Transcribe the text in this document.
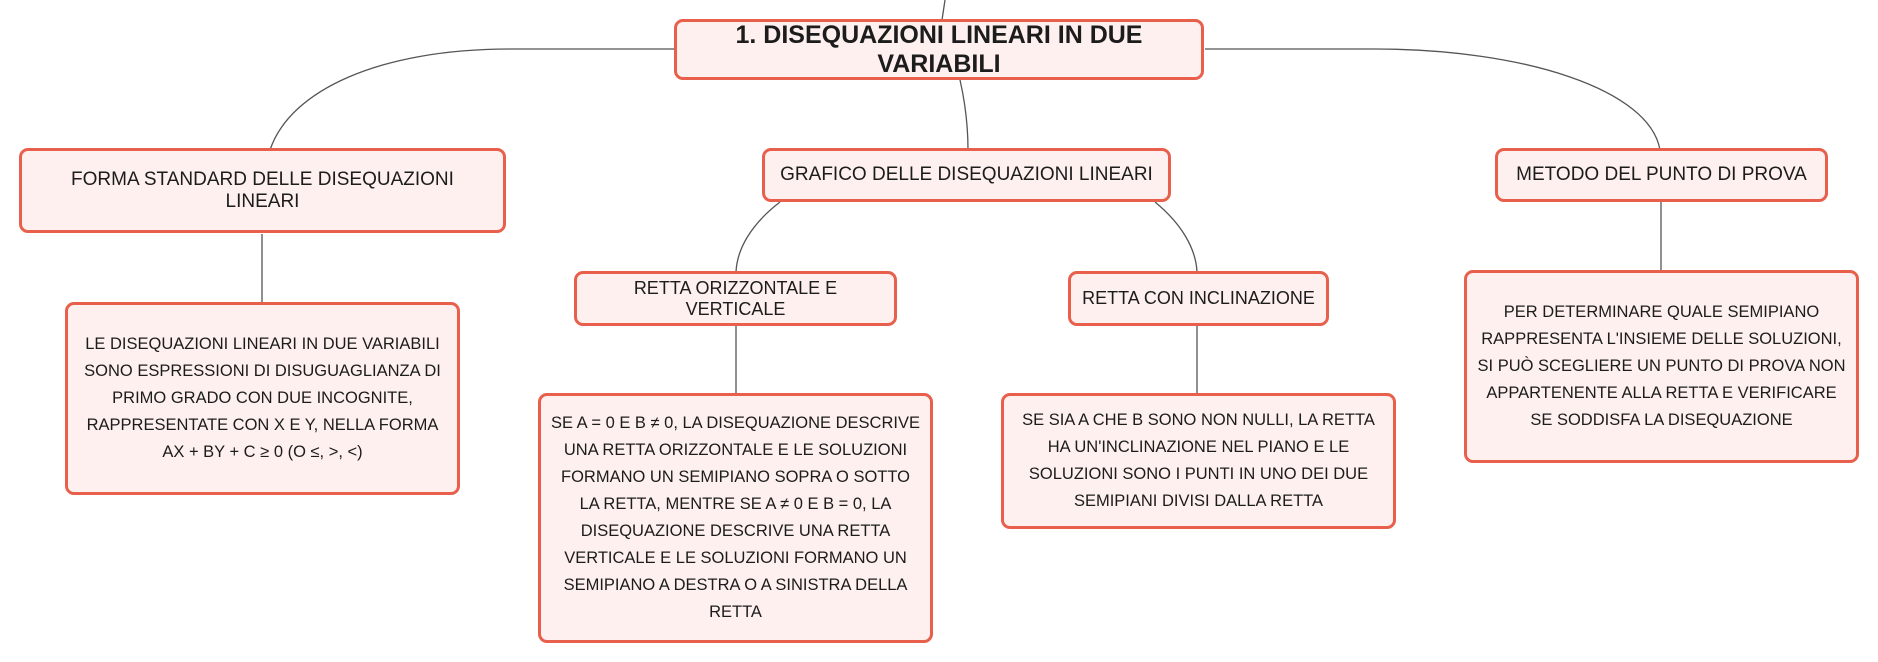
1. DISEQUAZIONI LINEARI IN DUE VARIABILI
FORMA STANDARD DELLE DISEQUAZIONI LINEARI
LE DISEQUAZIONI LINEARI IN DUE VARIABILI SONO ESPRESSIONI DI DISUGUAGLIANZA DI PRIMO GRADO CON DUE INCOGNITE, RAPPRESENTATE CON X E Y, NELLA FORMA AX + BY + C ≥ 0 (O ≤, >, <)
GRAFICO DELLE DISEQUAZIONI LINEARI
RETTA ORIZZONTALE E VERTICALE
SE A = 0 E B ≠ 0, LA DISEQUAZIONE DESCRIVE UNA RETTA ORIZZONTALE E LE SOLUZIONI FORMANO UN SEMIPIANO SOPRA O SOTTO LA RETTA, MENTRE SE A ≠ 0 E B = 0, LA DISEQUAZIONE DESCRIVE UNA RETTA VERTICALE E LE SOLUZIONI FORMANO UN SEMIPIANO A DESTRA O A SINISTRA DELLA RETTA
RETTA CON INCLINAZIONE
SE SIA A CHE B SONO NON NULLI, LA RETTA HA UN'INCLINAZIONE NEL PIANO E LE SOLUZIONI SONO I PUNTI IN UNO DEI DUE SEMIPIANI DIVISI DALLA RETTA
METODO DEL PUNTO DI PROVA
PER DETERMINARE QUALE SEMIPIANO RAPPRESENTA L'INSIEME DELLE SOLUZIONI, SI PUÒ SCEGLIERE UN PUNTO DI PROVA NON APPARTENENTE ALLA RETTA E VERIFICARE SE SODDISFA LA DISEQUAZIONE
